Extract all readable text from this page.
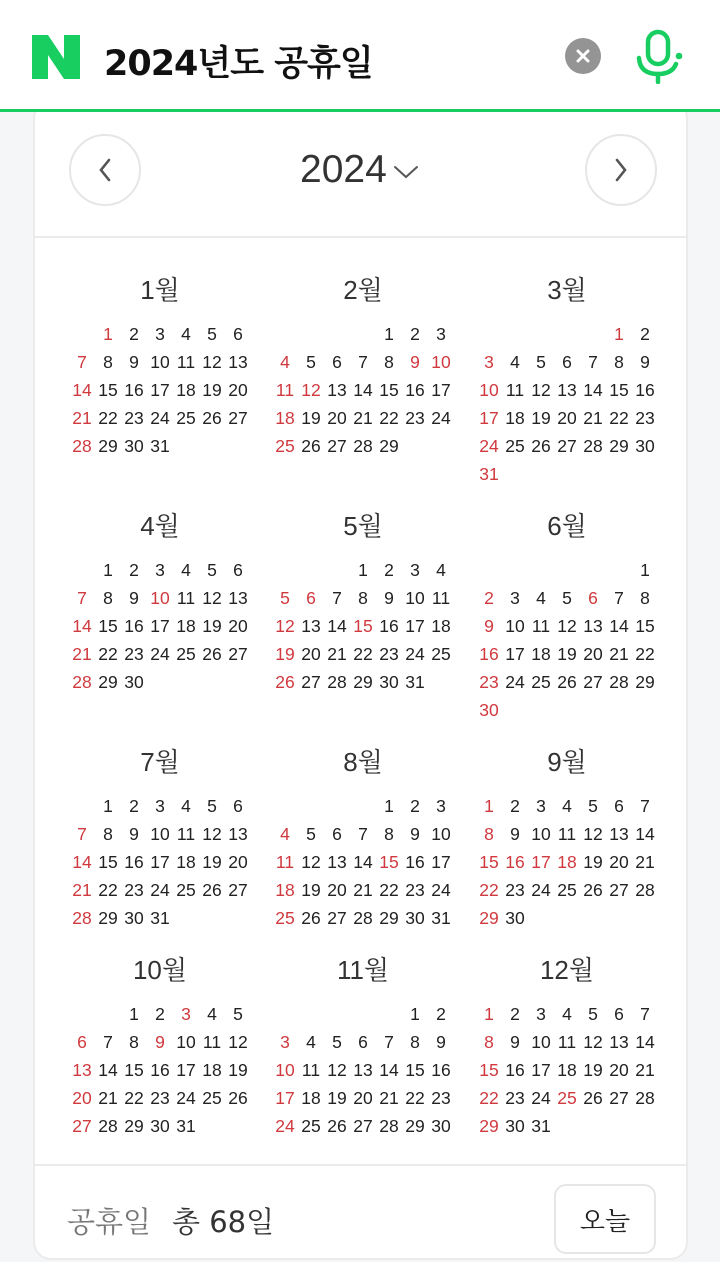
2024년도 공휴일
2024
1월
1 2 3 4 5 6
7 8 9 10 11 12 13
14 15 16 17 18 19 20
21 22 23 24 25 26 27
28 29 30 31
2월
1 2 3
4 5 6 7 8 9 10
11 12 13 14 15 16 17
18 19 20 21 22 23 24
25 26 27 28 29
3월
1 2
3 4 5 6 7 8 9
10 11 12 13 14 15 16
17 18 19 20 21 22 23
24 25 26 27 28 29 30
31
4월
1 2 3 4 5 6
7 8 9 10 11 12 13
14 15 16 17 18 19 20
21 22 23 24 25 26 27
28 29 30
5월
1 2 3 4
5 6 7 8 9 10 11
12 13 14 15 16 17 18
19 20 21 22 23 24 25
26 27 28 29 30 31
6월
1
2 3 4 5 6 7 8
9 10 11 12 13 14 15
16 17 18 19 20 21 22
23 24 25 26 27 28 29
30
7월
1 2 3 4 5 6
7 8 9 10 11 12 13
14 15 16 17 18 19 20
21 22 23 24 25 26 27
28 29 30 31
8월
1 2 3
4 5 6 7 8 9 10
11 12 13 14 15 16 17
18 19 20 21 22 23 24
25 26 27 28 29 30 31
9월
1 2 3 4 5 6 7
8 9 10 11 12 13 14
15 16 17 18 19 20 21
22 23 24 25 26 27 28
29 30
10월
1 2 3 4 5
6 7 8 9 10 11 12
13 14 15 16 17 18 19
20 21 22 23 24 25 26
27 28 29 30 31
11월
1 2
3 4 5 6 7 8 9
10 11 12 13 14 15 16
17 18 19 20 21 22 23
24 25 26 27 28 29 30
12월
1 2 3 4 5 6 7
8 9 10 11 12 13 14
15 16 17 18 19 20 21
22 23 24 25 26 27 28
29 30 31
공휴일 총 68일	오늘
